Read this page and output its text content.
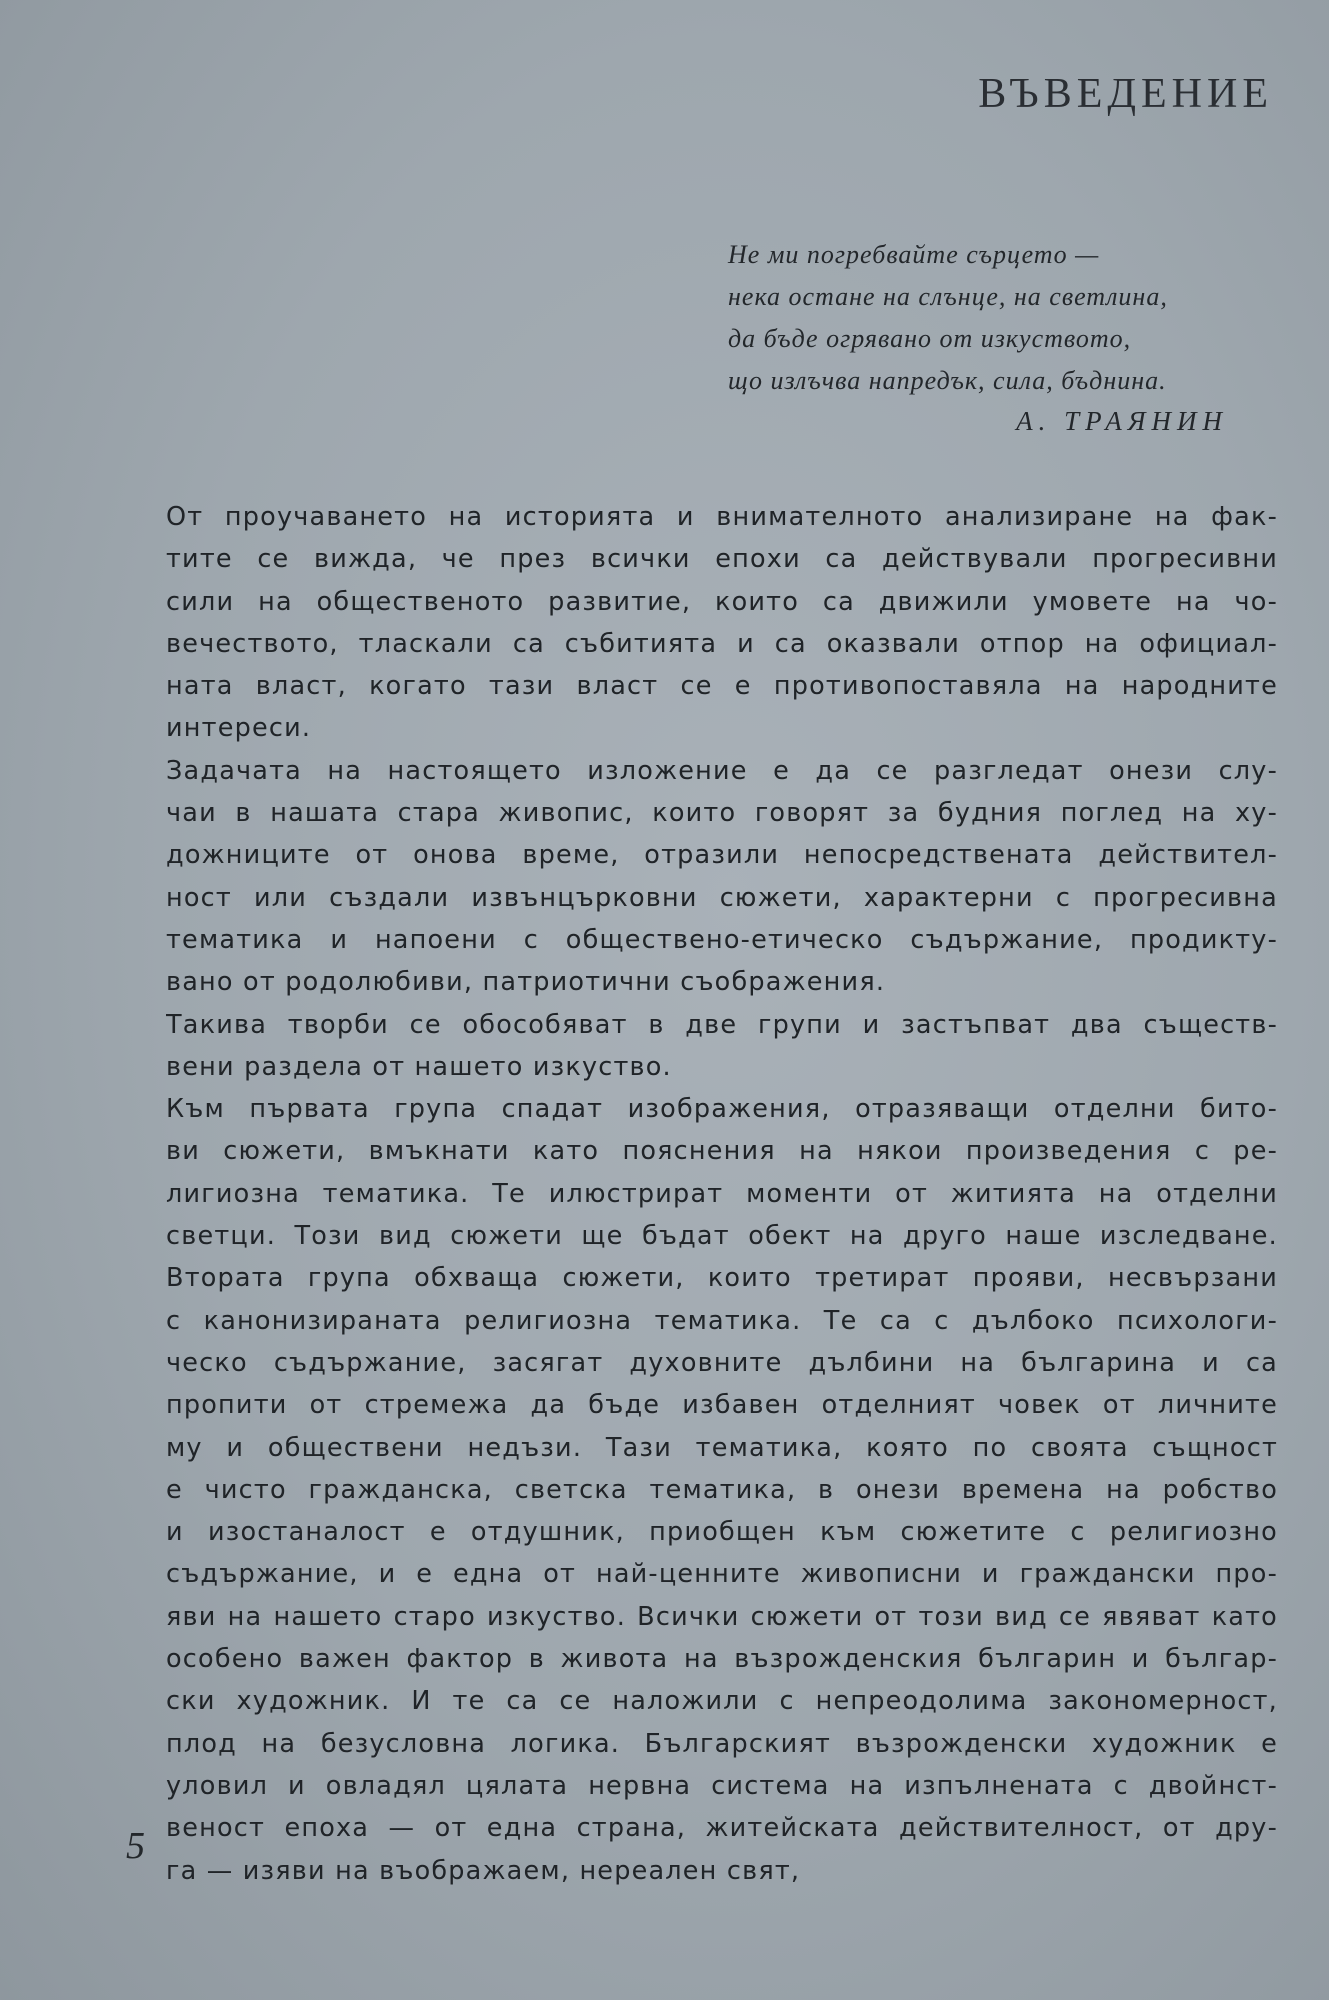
ВЪВЕДЕНИЕ
Не ми погребвайте сърцето —
нека остане на слънце, на светлина,
да бъде огрявано от изкуството,
що излъчва напредък, сила, бъднина.
А. ТРАЯНИН
От проучаването на историята и внимателното анализиране на фак-
тите се вижда, че през всички епохи са действували прогресивни
сили на общественото развитие, които са движили умовете на чо-
вечеството, тласкали са събитията и са оказвали отпор на официал-
ната власт, когато тази власт се е противопоставяла на народните
интереси.
Задачата на настоящето изложение е да се разгледат онези слу-
чаи в нашата стара живопис, които говорят за будния поглед на ху-
дожниците от онова време, отразили непосредствената действител-
ност или създали извънцърковни сюжети, характерни с прогресивна
тематика и напоени с обществено-етическо съдържание, продикту-
вано от родолюбиви, патриотични съображения.
Такива творби се обособяват в две групи и застъпват два съществ-
вени раздела от нашето изкуство.
Към първата група спадат изображения, отразяващи отделни бито-
ви сюжети, вмъкнати като пояснения на някои произведения с ре-
лигиозна тематика. Те илюстрират моменти от житията на отделни
светци. Този вид сюжети ще бъдат обект на друго наше изследване.
Втората група обхваща сюжети, които третират прояви, несвързани
с канонизираната религиозна тематика. Те са с дълбоко психологи-
ческо съдържание, засягат духовните дълбини на българина и са
пропити от стремежа да бъде избавен отделният човек от личните
му и обществени недъзи. Тази тематика, която по своята същност
е чисто гражданска, светска тематика, в онези времена на робство
и изостаналост е отдушник, приобщен към сюжетите с религиозно
съдържание, и е една от най-ценните живописни и граждански про-
яви на нашето старо изкуство. Всички сюжети от този вид се явяват като
особено важен фактор в живота на възрожденския българин и българ-
ски художник. И те са се наложили с непреодолима закономерност,
плод на безусловна логика. Българският възрожденски художник е
уловил и овладял цялата нервна система на изпълнената с двойнст-
веност епоха — от една страна, житейската действителност, от дру-
га — изяви на въображаем, нереален свят,
5
